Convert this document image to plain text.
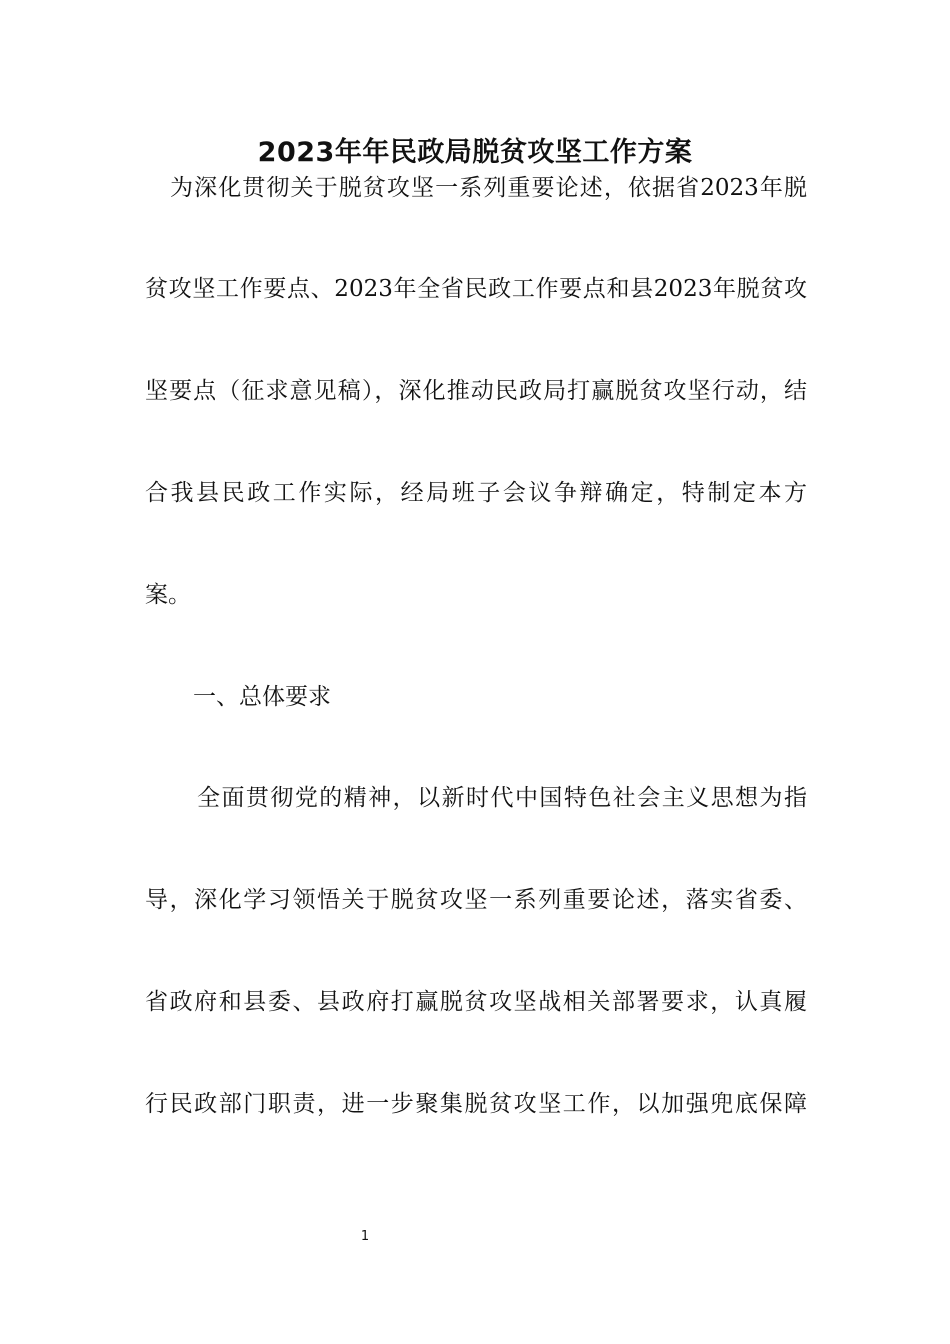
2023年年民政局脱贫攻坚工作方案
为深化贯彻关于脱贫攻坚一系列重要论述，依据省2023年脱
贫攻坚工作要点、2023年全省民政工作要点和县2023年脱贫攻
坚要点（征求意见稿），深化推动民政局打赢脱贫攻坚行动，结
合我县民政工作实际，经局班子会议争辩确定，特制定本方
案。
一、总体要求
全面贯彻党的精神，以新时代中国特色社会主义思想为指
导，深化学习领悟关于脱贫攻坚一系列重要论述，落实省委、
省政府和县委、县政府打赢脱贫攻坚战相关部署要求，认真履
行民政部门职责，进一步聚集脱贫攻坚工作，以加强兜底保障
1
